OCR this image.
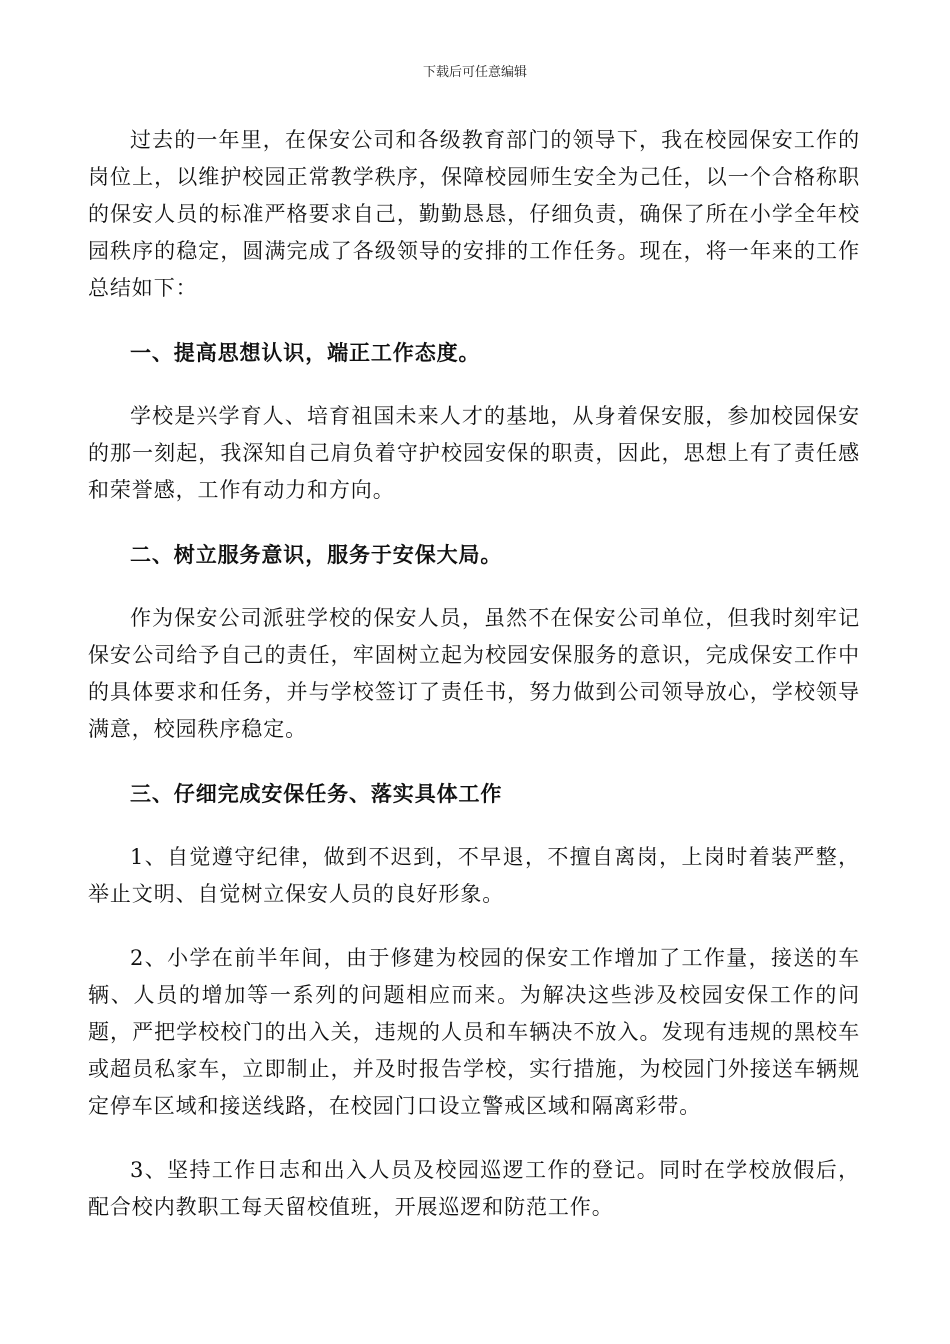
下载后可任意编辑

过去的一年里，在保安公司和各级教育部门的领导下，我在校园保安工作的岗位上，以维护校园正常教学秩序，保障校园师生安全为己任，以一个合格称职的保安人员的标准严格要求自己，勤勤恳恳，仔细负责，确保了所在小学全年校园秩序的稳定，圆满完成了各级领导的安排的工作任务。现在，将一年来的工作总结如下：

一、提高思想认识，端正工作态度。

学校是兴学育人、培育祖国未来人才的基地，从身着保安服，参加校园保安的那一刻起，我深知自己肩负着守护校园安保的职责，因此，思想上有了责任感和荣誉感，工作有动力和方向。

二、树立服务意识，服务于安保大局。

作为保安公司派驻学校的保安人员，虽然不在保安公司单位，但我时刻牢记保安公司给予自己的责任，牢固树立起为校园安保服务的意识，完成保安工作中的具体要求和任务，并与学校签订了责任书，努力做到公司领导放心，学校领导满意，校园秩序稳定。

三、仔细完成安保任务、落实具体工作

1、自觉遵守纪律，做到不迟到，不早退，不擅自离岗，上岗时着装严整，举止文明、自觉树立保安人员的良好形象。

2、小学在前半年间，由于修建为校园的保安工作增加了工作量，接送的车辆、人员的增加等一系列的问题相应而来。为解决这些涉及校园安保工作的问题，严把学校校门的出入关，违规的人员和车辆决不放入。发现有违规的黑校车或超员私家车，立即制止，并及时报告学校，实行措施，为校园门外接送车辆规定停车区域和接送线路，在校园门口设立警戒区域和隔离彩带。

3、坚持工作日志和出入人员及校园巡逻工作的登记。同时在学校放假后，配合校内教职工每天留校值班，开展巡逻和防范工作。
